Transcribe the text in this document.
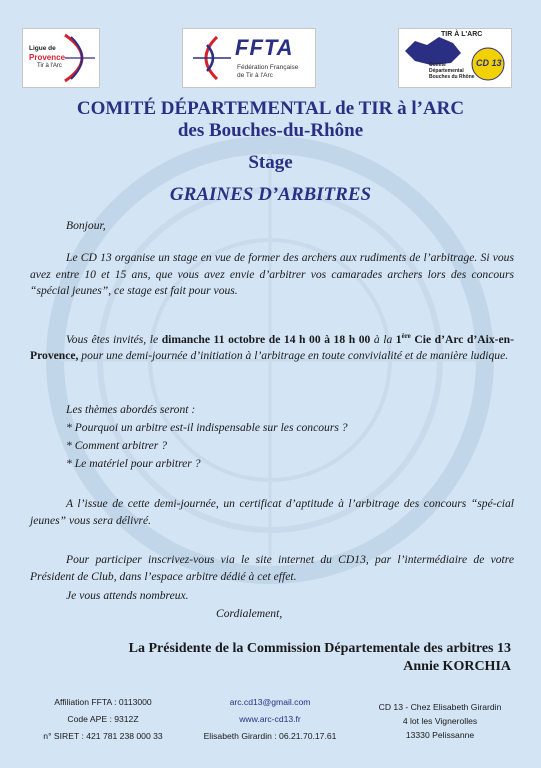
Ligue de
Provence
Tir à l'Arc
FFTA
Fédération Française
de Tir à l'Arc
TIR À L'ARC
CD 13
Comité
Départemental
Bouches du Rhône
COMITÉ DÉPARTEMENTAL de TIR à l’ARC
des Bouches-du-Rhône
Stage
GRAINES D’ARBITRES
Bonjour,
Le CD 13 organise un stage en vue de former des archers aux rudiments de l’arbitrage. Si vous avez entre 10 et 15 ans, que vous avez envie d’arbitrer vos camarades archers lors des concours “spécial jeunes”, ce stage est fait pour vous.
Vous êtes invités, le dimanche 11 octobre de 14 h 00 à 18 h 00 à la 1ère Cie d’Arc d’Aix-en-Provence, pour une demi-journée d’initiation à l’arbitrage en toute convivialité et de manière ludique.
Les thèmes abordés seront :
* Pourquoi un arbitre est-il indispensable sur les concours ?
* Comment arbitrer ?
* Le matériel pour arbitrer ?
A l’issue de cette demi-journée, un certificat d’aptitude à l’arbitrage des concours “spé-cial jeunes” vous sera délivré.
Pour participer inscrivez-vous via le site internet du CD13, par l’intermédiaire de votre Président de Club, dans l’espace arbitre dédié à cet effet.
Je vous attends nombreux.
Cordialement,
La Présidente de la Commission Départementale des arbitres 13
Annie KORCHIA
Affiliation FFTA : 0113000
Code APE : 9312Z
n° SIRET : 421 781 238 000 33
arc.cd13@gmail.com
www.arc-cd13.fr
Elisabeth Girardin : 06.21.70.17.61
CD 13 - Chez Elisabeth Girardin
4 lot les Vignerolles
13330 Pelissanne
